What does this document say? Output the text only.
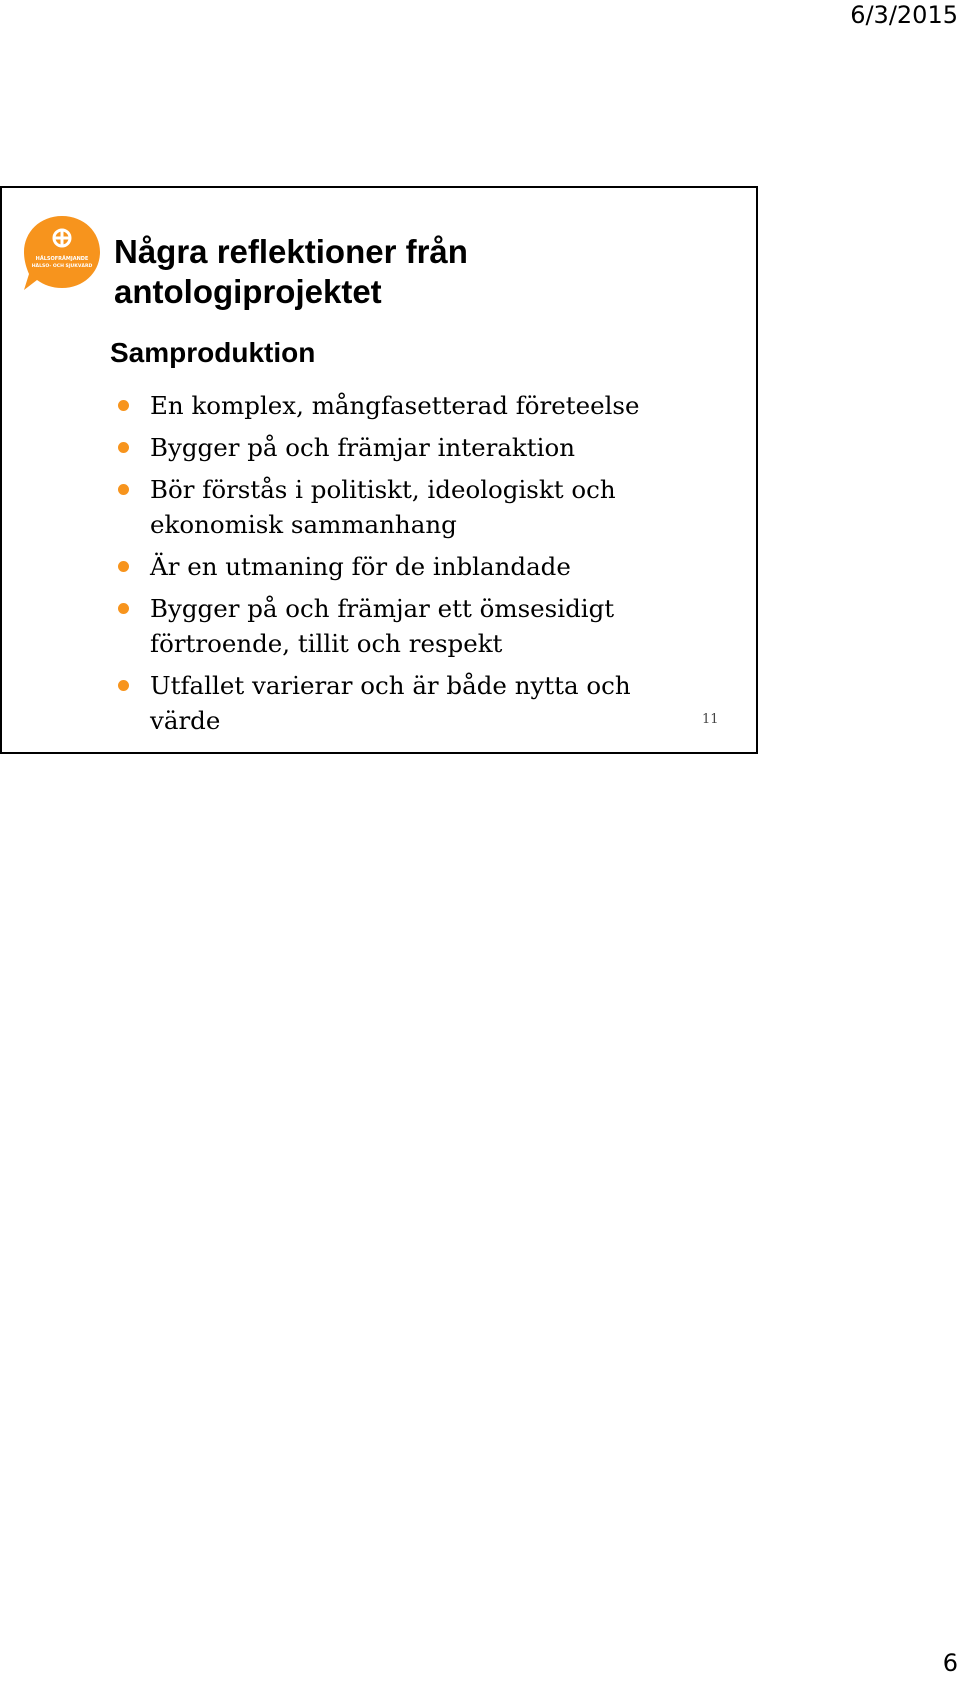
6/3/2015
HÄLSOFRÄMJANDE
HÄLSO- OCH SJUKVÅRD Några reflektioner från antologiprojektet
Samproduktion
En komplex, mångfasetterad företeelse
Bygger på och främjar interaktion
Bör förstås i politiskt, ideologiskt och ekonomisk sammanhang
Är en utmaning för de inblandade
Bygger på och främjar ett ömsesidigt förtroende, tillit och respekt
Utfallet varierar och är både nytta och värde	11
6
